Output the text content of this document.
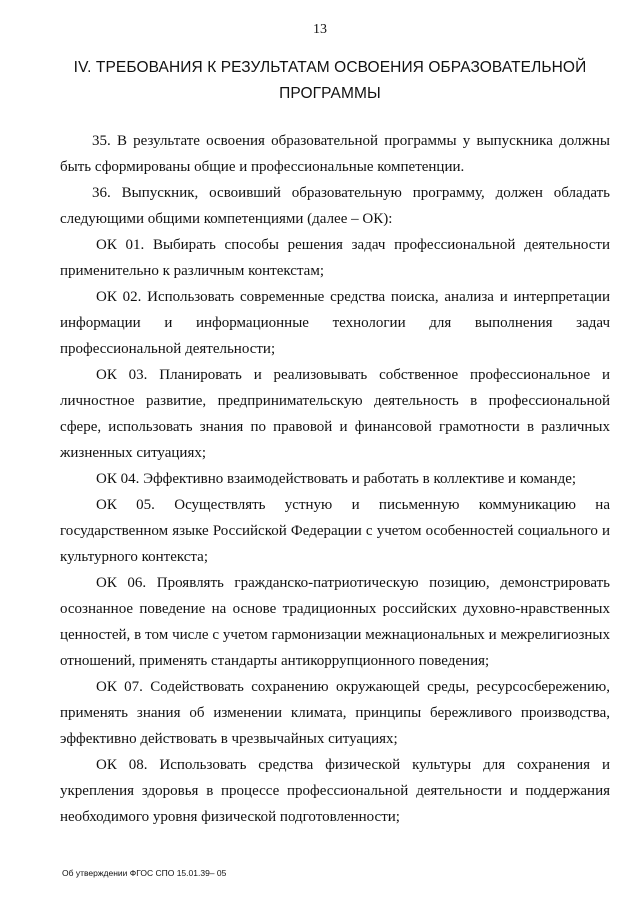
13
IV. ТРЕБОВАНИЯ К РЕЗУЛЬТАТАМ ОСВОЕНИЯ ОБРАЗОВАТЕЛЬНОЙ ПРОГРАММЫ

35. В результате освоения образовательной программы у выпускника должны быть сформированы общие и профессиональные компетенции.

36. Выпускник, освоивший образовательную программу, должен обладать следующими общими компетенциями (далее – ОК):

ОК 01. Выбирать способы решения задач профессиональной деятельности применительно к различным контекстам;

ОК 02. Использовать современные средства поиска, анализа и интерпретации информации и информационные технологии для выполнения задач профессиональной деятельности;

ОК 03. Планировать и реализовывать собственное профессиональное и личностное развитие, предпринимательскую деятельность в профессиональной сфере, использовать знания по правовой и финансовой грамотности в различных жизненных ситуациях;

ОК 04. Эффективно взаимодействовать и работать в коллективе и команде;

ОК 05. Осуществлять устную и письменную коммуникацию на государственном языке Российской Федерации с учетом особенностей социального и культурного контекста;

ОК 06. Проявлять гражданско-патриотическую позицию, демонстрировать осознанное поведение на основе традиционных российских духовно-нравственных ценностей, в том числе с учетом гармонизации межнациональных и межрелигиозных отношений, применять стандарты антикоррупционного поведения;

ОК 07. Содействовать сохранению окружающей среды, ресурсосбережению, применять знания об изменении климата, принципы бережливого производства, эффективно действовать в чрезвычайных ситуациях;

ОК 08. Использовать средства физической культуры для сохранения и укрепления здоровья в процессе профессиональной деятельности и поддержания необходимого уровня физической подготовленности;

Об утверждении ФГОС СПО 15.01.39– 05
